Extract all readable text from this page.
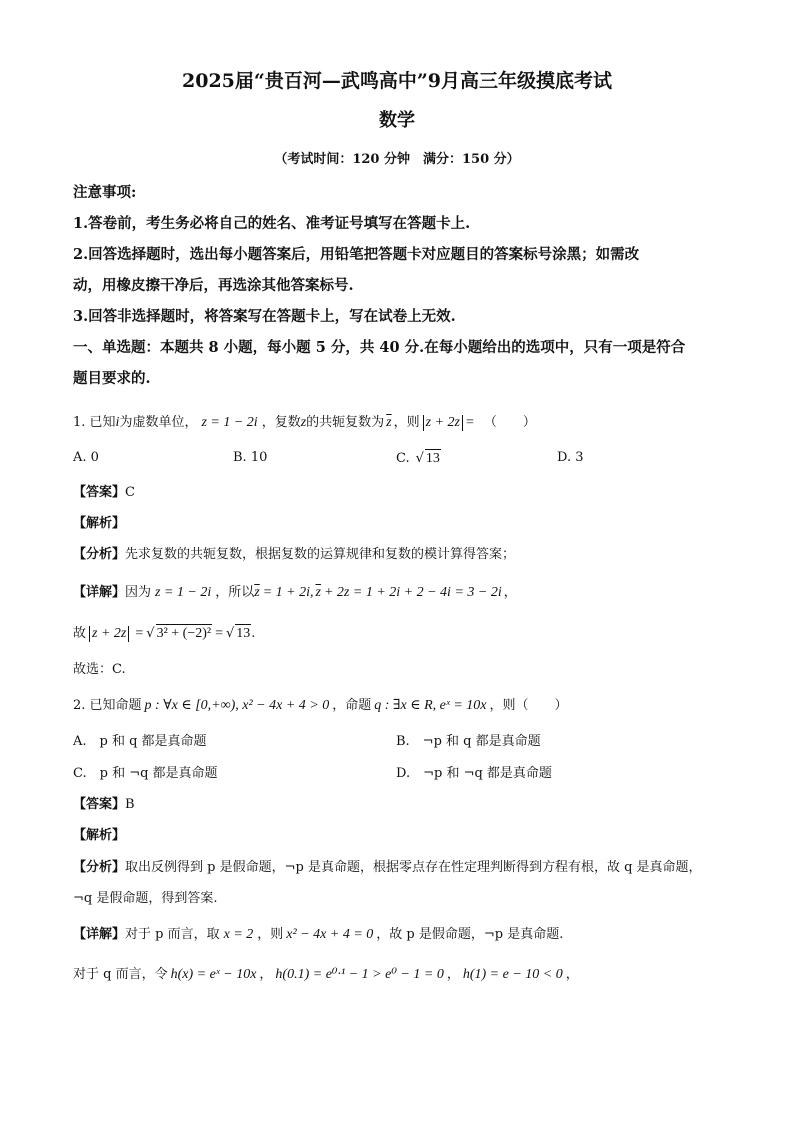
2025届“贵百河—武鸣高中”9月高三年级摸底考试
数学
（考试时间：120 分钟　满分：150 分）
注意事项:
1.答卷前，考生务必将自己的姓名、准考证号填写在答题卡上.
2.回答选择题时，选出每小题答案后，用铅笔把答题卡对应题目的答案标号涂黑；如需改
动，用橡皮擦干净后，再选涂其他答案标号.
3.回答非选择题时，将答案写在答题卡上，写在试卷上无效.
一、单选题：本题共 8 小题，每小题 5 分，共 40 分.在每小题给出的选项中，只有一项是符合
题目要求的.
1. 已知i为虚数单位， z = 1 − 2i ，复数z的共轭复数为 $\overline{z}$ ，则 z + 2z = （　　）
A. 0	B. 10	C. √ 13	D. 3
【答案】C
【解析】
【分析】先求复数的共轭复数，根据复数的运算规律和复数的模计算得答案；
【详解】因为 z = 1 − 2i ，所以$\overline{z} = 1 + 2i$, $\overline{z} + 2z = 1 + 2i + 2 - 4i = 3 - 2i$ ，
故 z + 2z = √ 3² + (−2)² = √ 13.
故选：C.
2. 已知命题 p : ∀x ∈ [0,+∞), x² − 4x + 4 > 0 ，命题 q : ∃x ∈ R, eˣ = 10x ，则（　　）
A.　p 和 q 都是真命题	B.　¬p 和 q 都是真命题
C.　p 和 ¬q 都是真命题	D.　¬p 和 ¬q 都是真命题
【答案】B
【解析】
【分析】取出反例得到 p 是假命题，¬p 是真命题，根据零点存在性定理判断得到方程有根，故 q 是真命题，
¬q 是假命题，得到答案.
【详解】对于 p 而言，取 x = 2 ，则 x² − 4x + 4 = 0 ，故 p 是假命题，¬p 是真命题.
对于 q 而言，令 h(x) = eˣ − 10x ， h(0.1) = e⁰·¹ − 1 > e⁰ − 1 = 0 ， h(1) = e − 10 < 0 ，
